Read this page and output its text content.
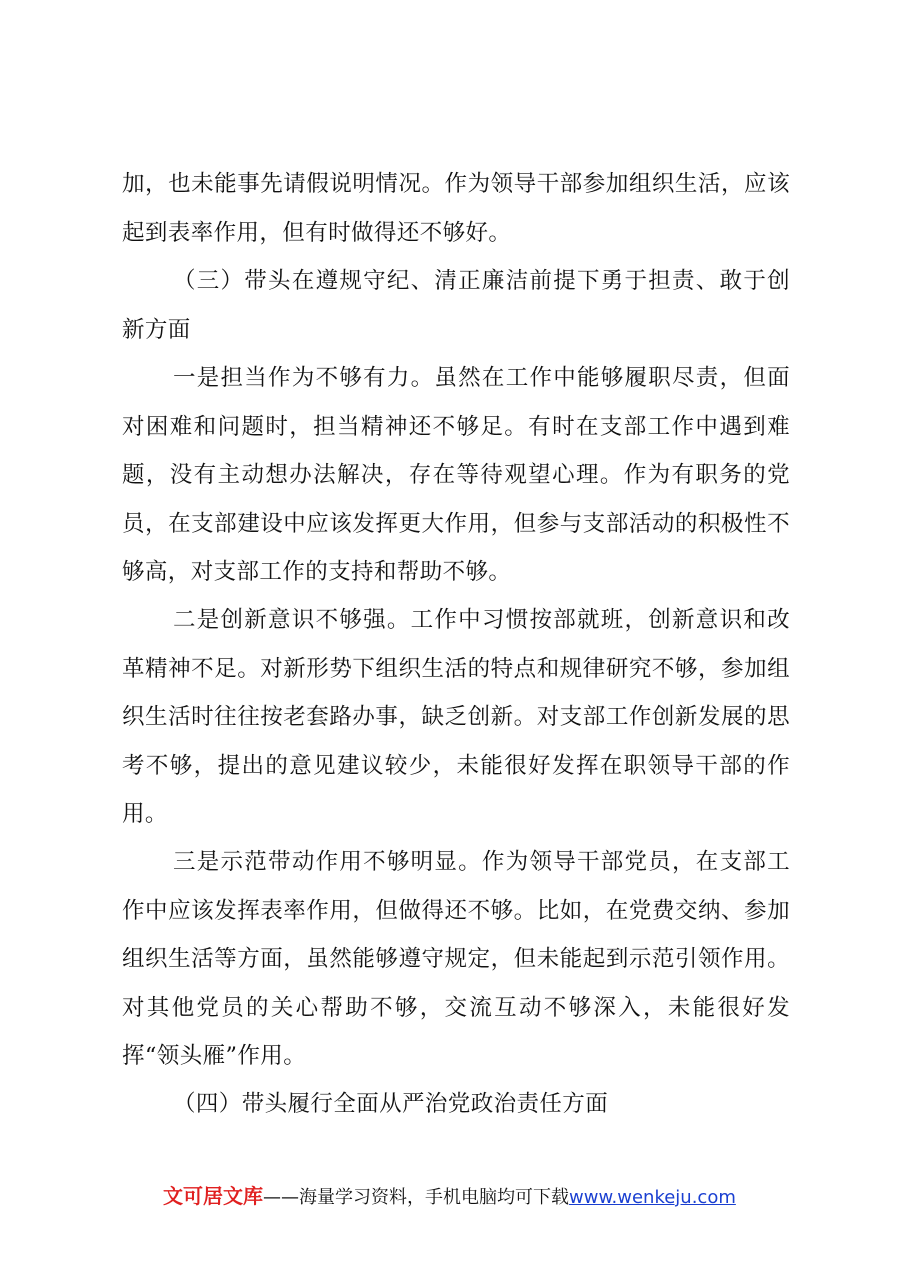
加，也未能事先请假说明情况。作为领导干部参加组织生活，应该起到表率作用，但有时做得还不够好。

（三）带头在遵规守纪、清正廉洁前提下勇于担责、敢于创新方面

一是担当作为不够有力。虽然在工作中能够履职尽责，但面对困难和问题时，担当精神还不够足。有时在支部工作中遇到难题，没有主动想办法解决，存在等待观望心理。作为有职务的党员，在支部建设中应该发挥更大作用，但参与支部活动的积极性不够高，对支部工作的支持和帮助不够。

二是创新意识不够强。工作中习惯按部就班，创新意识和改革精神不足。对新形势下组织生活的特点和规律研究不够，参加组织生活时往往按老套路办事，缺乏创新。对支部工作创新发展的思考不够，提出的意见建议较少，未能很好发挥在职领导干部的作用。

三是示范带动作用不够明显。作为领导干部党员，在支部工作中应该发挥表率作用，但做得还不够。比如，在党费交纳、参加组织生活等方面，虽然能够遵守规定，但未能起到示范引领作用。对其他党员的关心帮助不够，交流互动不够深入，未能很好发挥“领头雁”作用。

（四）带头履行全面从严治党政治责任方面

文可居文库——海量学习资料，手机电脑均可下载www.wenkeju.com
